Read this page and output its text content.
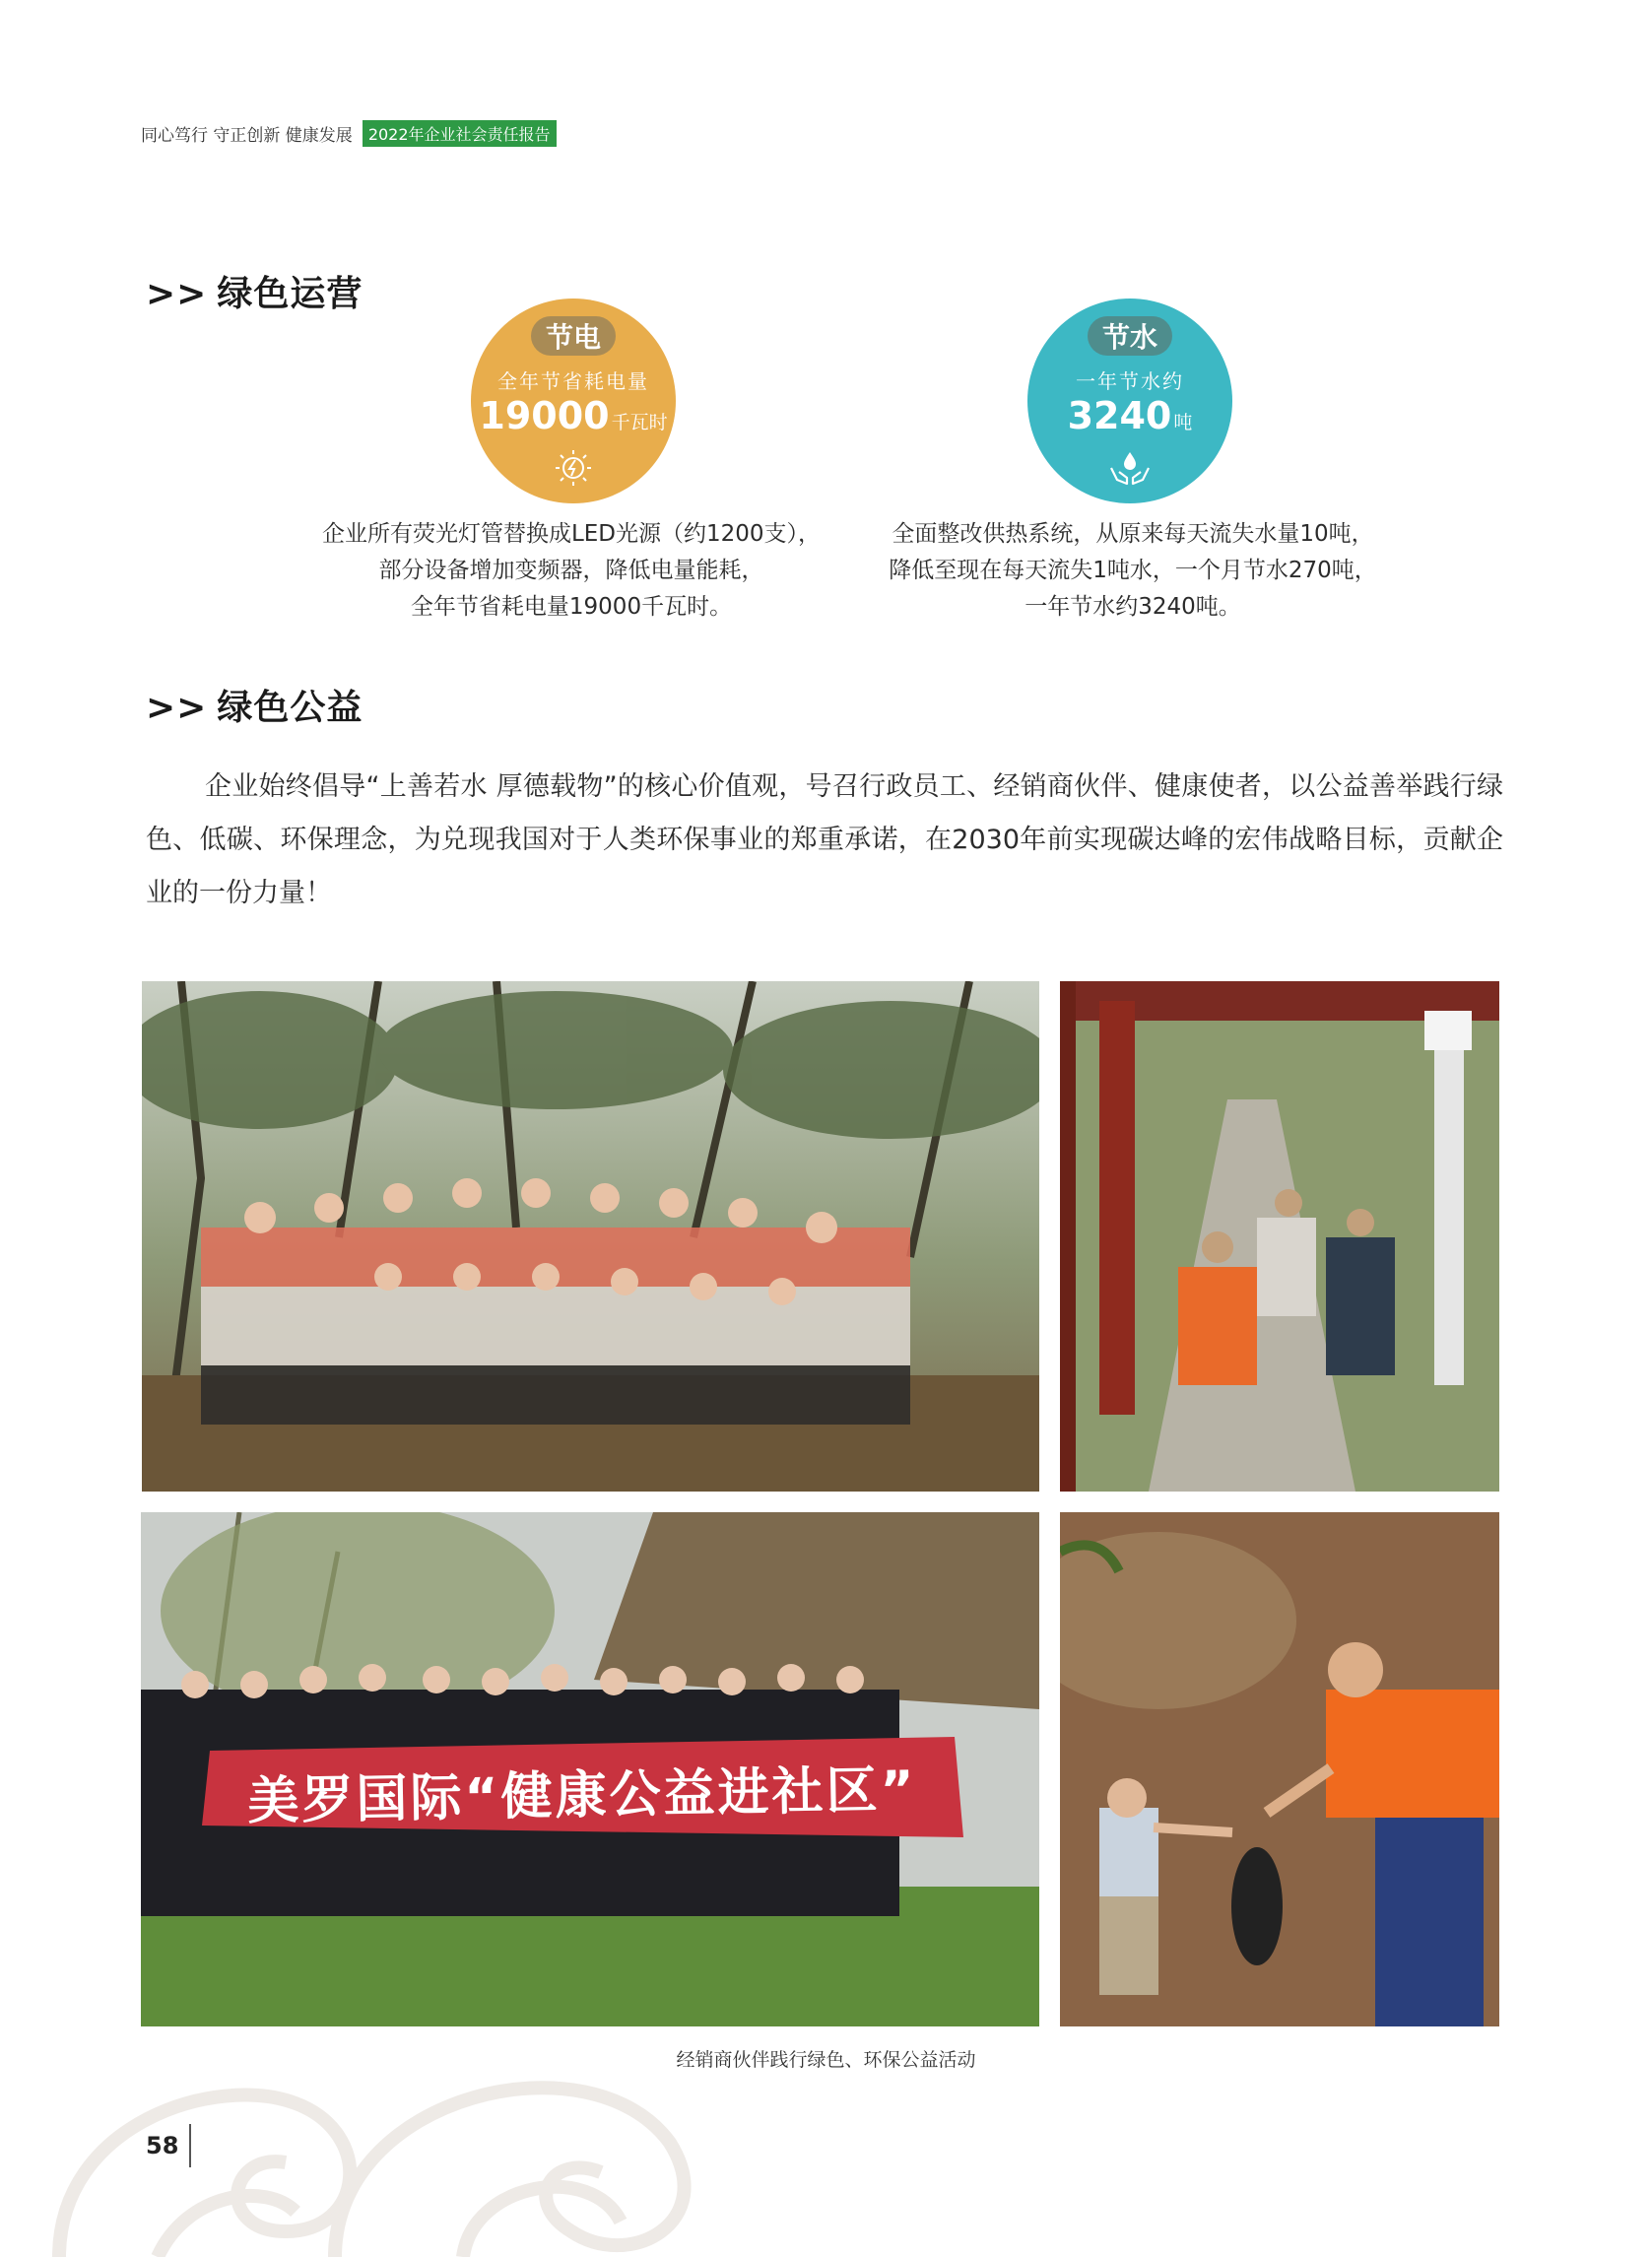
同心笃行 守正创新 健康发展	2022年企业社会责任报告
>> 绿色运营
节电
全年节省耗电量
19000 千瓦时
节水
一年节水约
3240 吨
企业所有荧光灯管替换成LED光源（约1200支），
部分设备增加变频器，降低电量能耗，
全年节省耗电量19000千瓦时。
全面整改供热系统，从原来每天流失水量10吨，
降低至现在每天流失1吨水，一个月节水270吨，
一年节水约3240吨。
>> 绿色公益
企业始终倡导“上善若水 厚德载物”的核心价值观，号召行政员工、经销商伙伴、健康使者，以公益善举践行绿色、低碳、环保理念，为兑现我国对于人类环保事业的郑重承诺，在2030年前实现碳达峰的宏伟战略目标，贡献企业的一份力量！
美罗国际“健康公益进社区”
经销商伙伴践行绿色、环保公益活动
58
